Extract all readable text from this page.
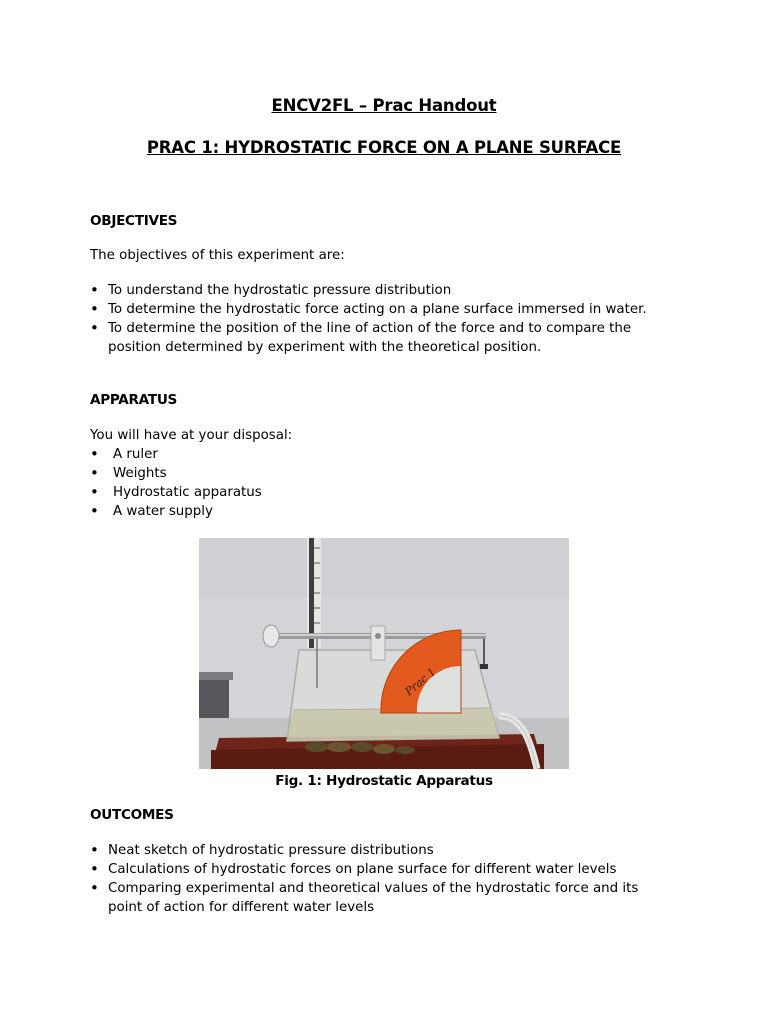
ENCV2FL – Prac Handout
PRAC 1: HYDROSTATIC FORCE ON A PLANE SURFACE
OBJECTIVES
The objectives of this experiment are:
• To understand the hydrostatic pressure distribution
• To determine the hydrostatic force acting on a plane surface immersed in water.
• To determine the position of the line of action of the force and to compare the position determined by experiment with the theoretical position.
APPARATUS
You will have at your disposal:
• A ruler
• Weights
• Hydrostatic apparatus
• A water supply
Prac 1
Fig. 1: Hydrostatic Apparatus
OUTCOMES
• Neat sketch of hydrostatic pressure distributions
• Calculations of hydrostatic forces on plane surface for different water levels
• Comparing experimental and theoretical values of the hydrostatic force and its point of action for different water levels
